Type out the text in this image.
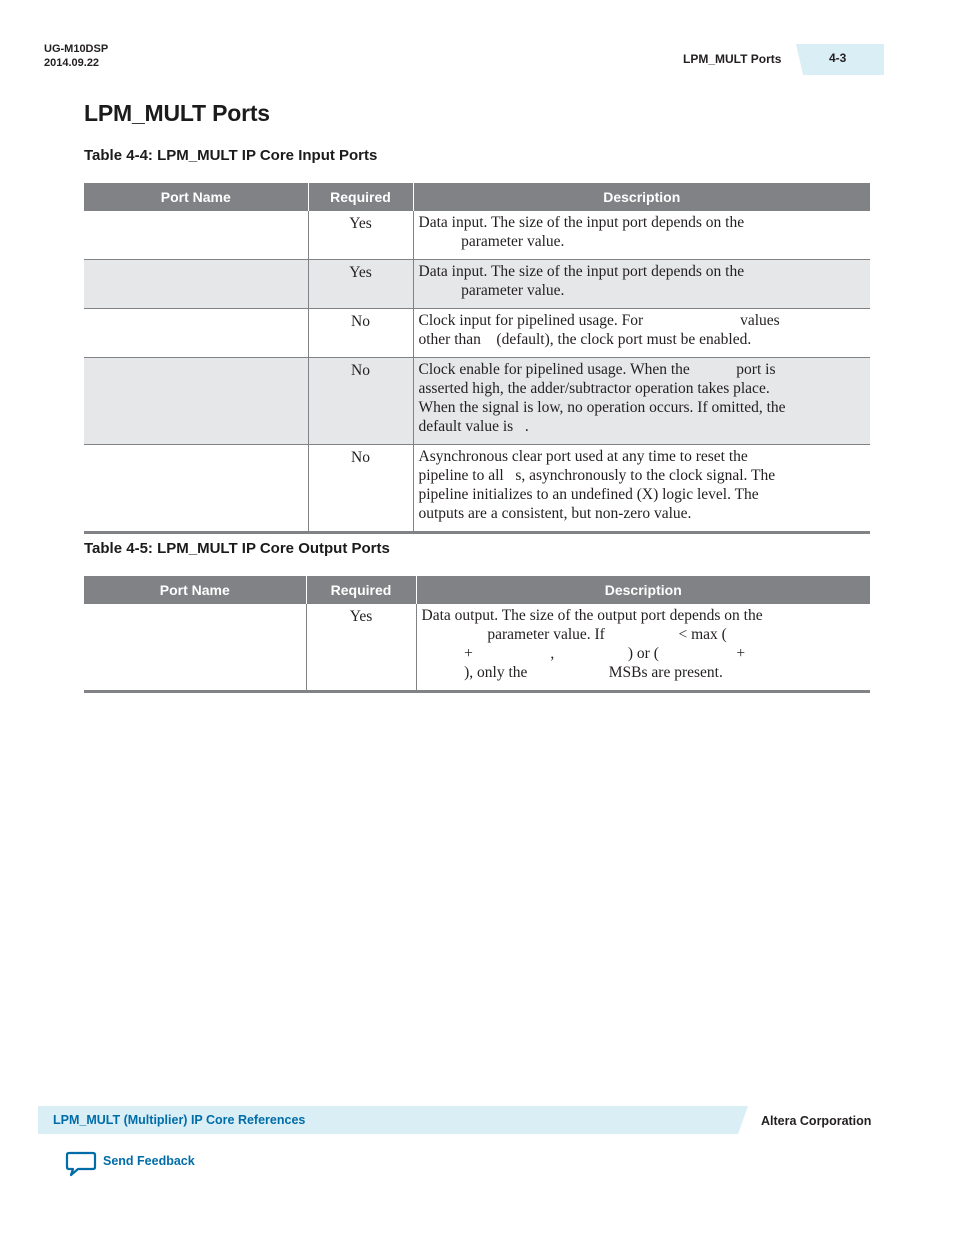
UG-M10DSP
2014.09.22	LPM_MULT Ports	4-3
LPM_MULT Ports
Table 4-4: LPM_MULT IP Core Input Ports
Port Name	Required	Description
	Yes	Data input. The size of the input port depends on the
parameter value.

	Yes	Data input. The size of the input port depends on the
parameter value.

	No	Clock input for pipelined usage. For                         values
other than    (default), the clock port must be enabled.

	No	Clock enable for pipelined usage. When the            port is
asserted high, the adder/subtractor operation takes place.
When the signal is low, no operation occurs. If omitted, the
default value is   .

	No	Asynchronous clear port used at any time to reset the
pipeline to all   s, asynchronously to the clock signal. The
pipeline initializes to an undefined (X) logic level. The
outputs are a consistent, but non-zero value.
Table 4-5: LPM_MULT IP Core Output Ports
Port Name	Required	Description
	Yes	Data output. The size of the output port depends on the
parameter value. If                   < max (
+                    ,                   ) or (                    +
), only the                     MSBs are present.
LPM_MULT (Multiplier) IP Core References	Altera Corporation
Send Feedback
